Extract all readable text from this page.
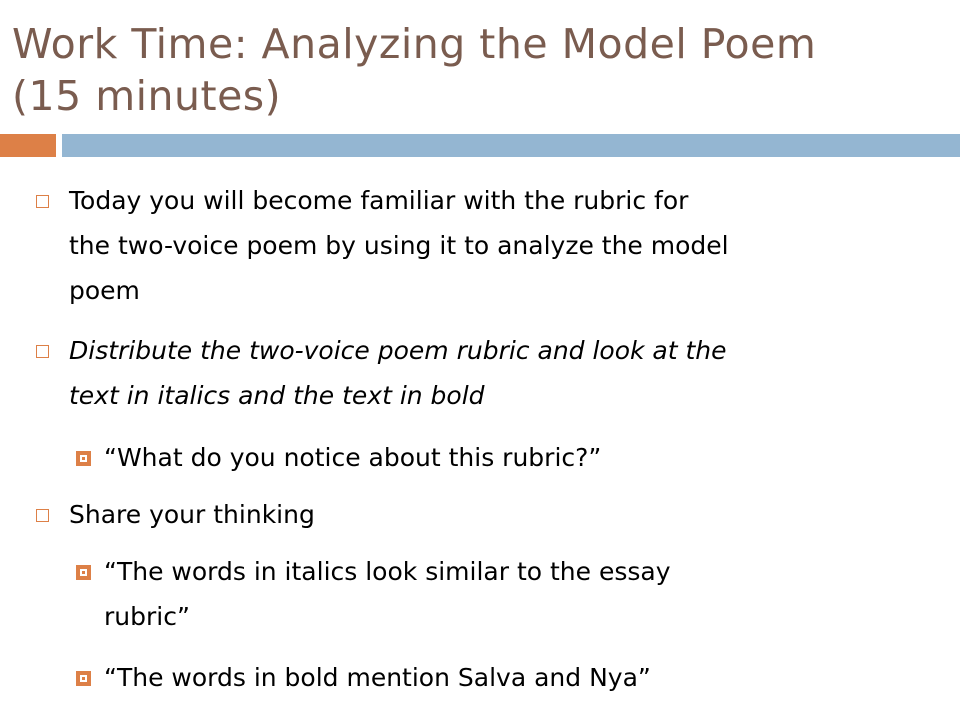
Work Time: Analyzing the Model Poem
(15 minutes)
Today you will become familiar with the rubric for
the two-voice poem by using it to analyze the model
poem
Distribute the two-voice poem rubric and look at the
text in italics and the text in bold
“What do you notice about this rubric?”
Share your thinking
“The words in italics look similar to the essay
rubric”
“The words in bold mention Salva and Nya”
